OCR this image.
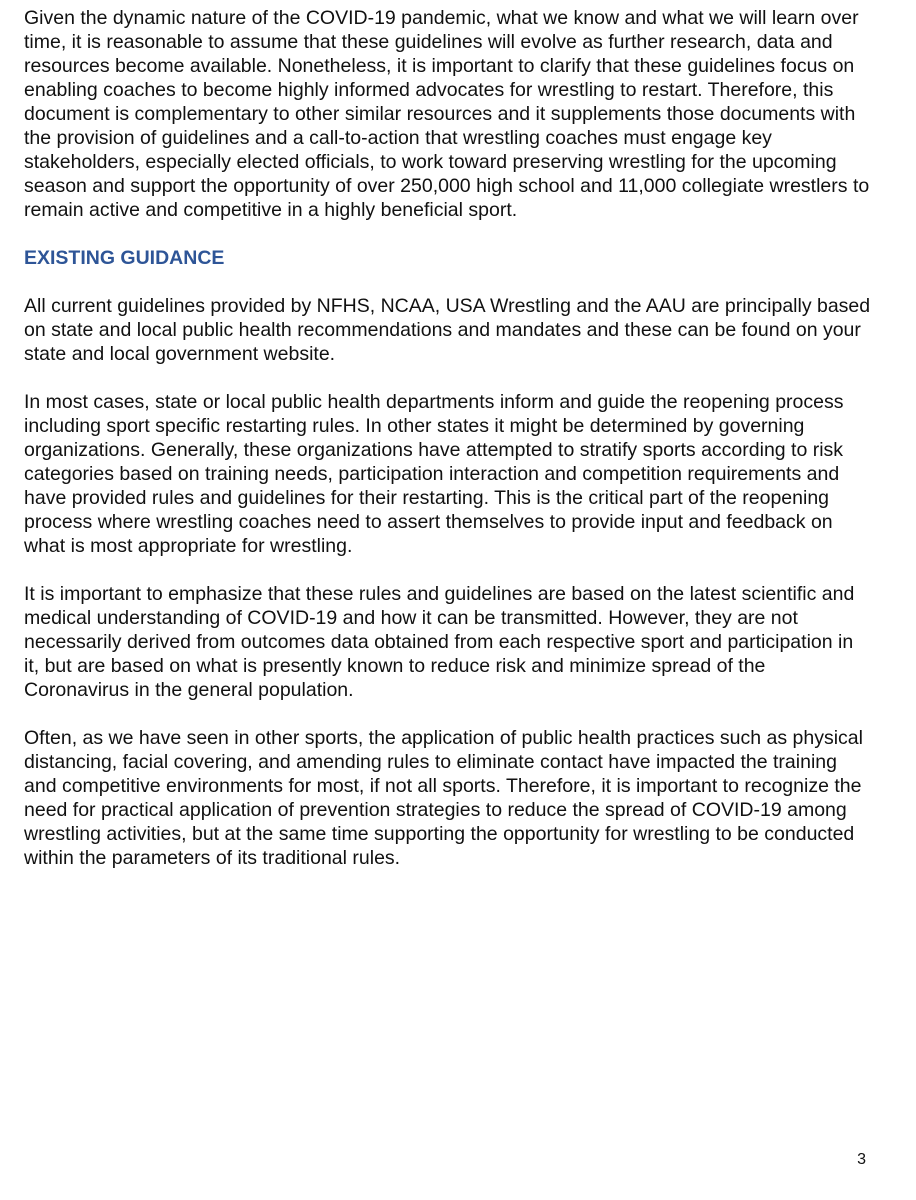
Given the dynamic nature of the COVID-19 pandemic, what we know and what we will learn over time, it is reasonable to assume that these guidelines will evolve as further research, data and resources become available. Nonetheless, it is important to clarify that these guidelines focus on enabling coaches to become highly informed advocates for wrestling to restart. Therefore, this document is complementary to other similar resources and it supplements those documents with the provision of guidelines and a call-to-action that wrestling coaches must engage key stakeholders, especially elected officials, to work toward preserving wrestling for the upcoming season and support the opportunity of over 250,000 high school and 11,000 collegiate wrestlers to remain active and competitive in a highly beneficial sport.

EXISTING GUIDANCE

All current guidelines provided by NFHS, NCAA, USA Wrestling and the AAU are principally based on state and local public health recommendations and mandates and these can be found on your state and local government website.

In most cases, state or local public health departments inform and guide the reopening process including sport specific restarting rules. In other states it might be determined by governing organizations. Generally, these organizations have attempted to stratify sports according to risk categories based on training needs, participation interaction and competition requirements and have provided rules and guidelines for their restarting. This is the critical part of the reopening process where wrestling coaches need to assert themselves to provide input and feedback on what is most appropriate for wrestling.

It is important to emphasize that these rules and guidelines are based on the latest scientific and medical understanding of COVID-19 and how it can be transmitted. However, they are not necessarily derived from outcomes data obtained from each respective sport and participation in it, but are based on what is presently known to reduce risk and minimize spread of the Coronavirus in the general population.

Often, as we have seen in other sports, the application of public health practices such as physical distancing, facial covering, and amending rules to eliminate contact have impacted the training and competitive environments for most, if not all sports. Therefore, it is important to recognize the need for practical application of prevention strategies to reduce the spread of COVID-19 among wrestling activities, but at the same time supporting the opportunity for wrestling to be conducted within the parameters of its traditional rules.

3
